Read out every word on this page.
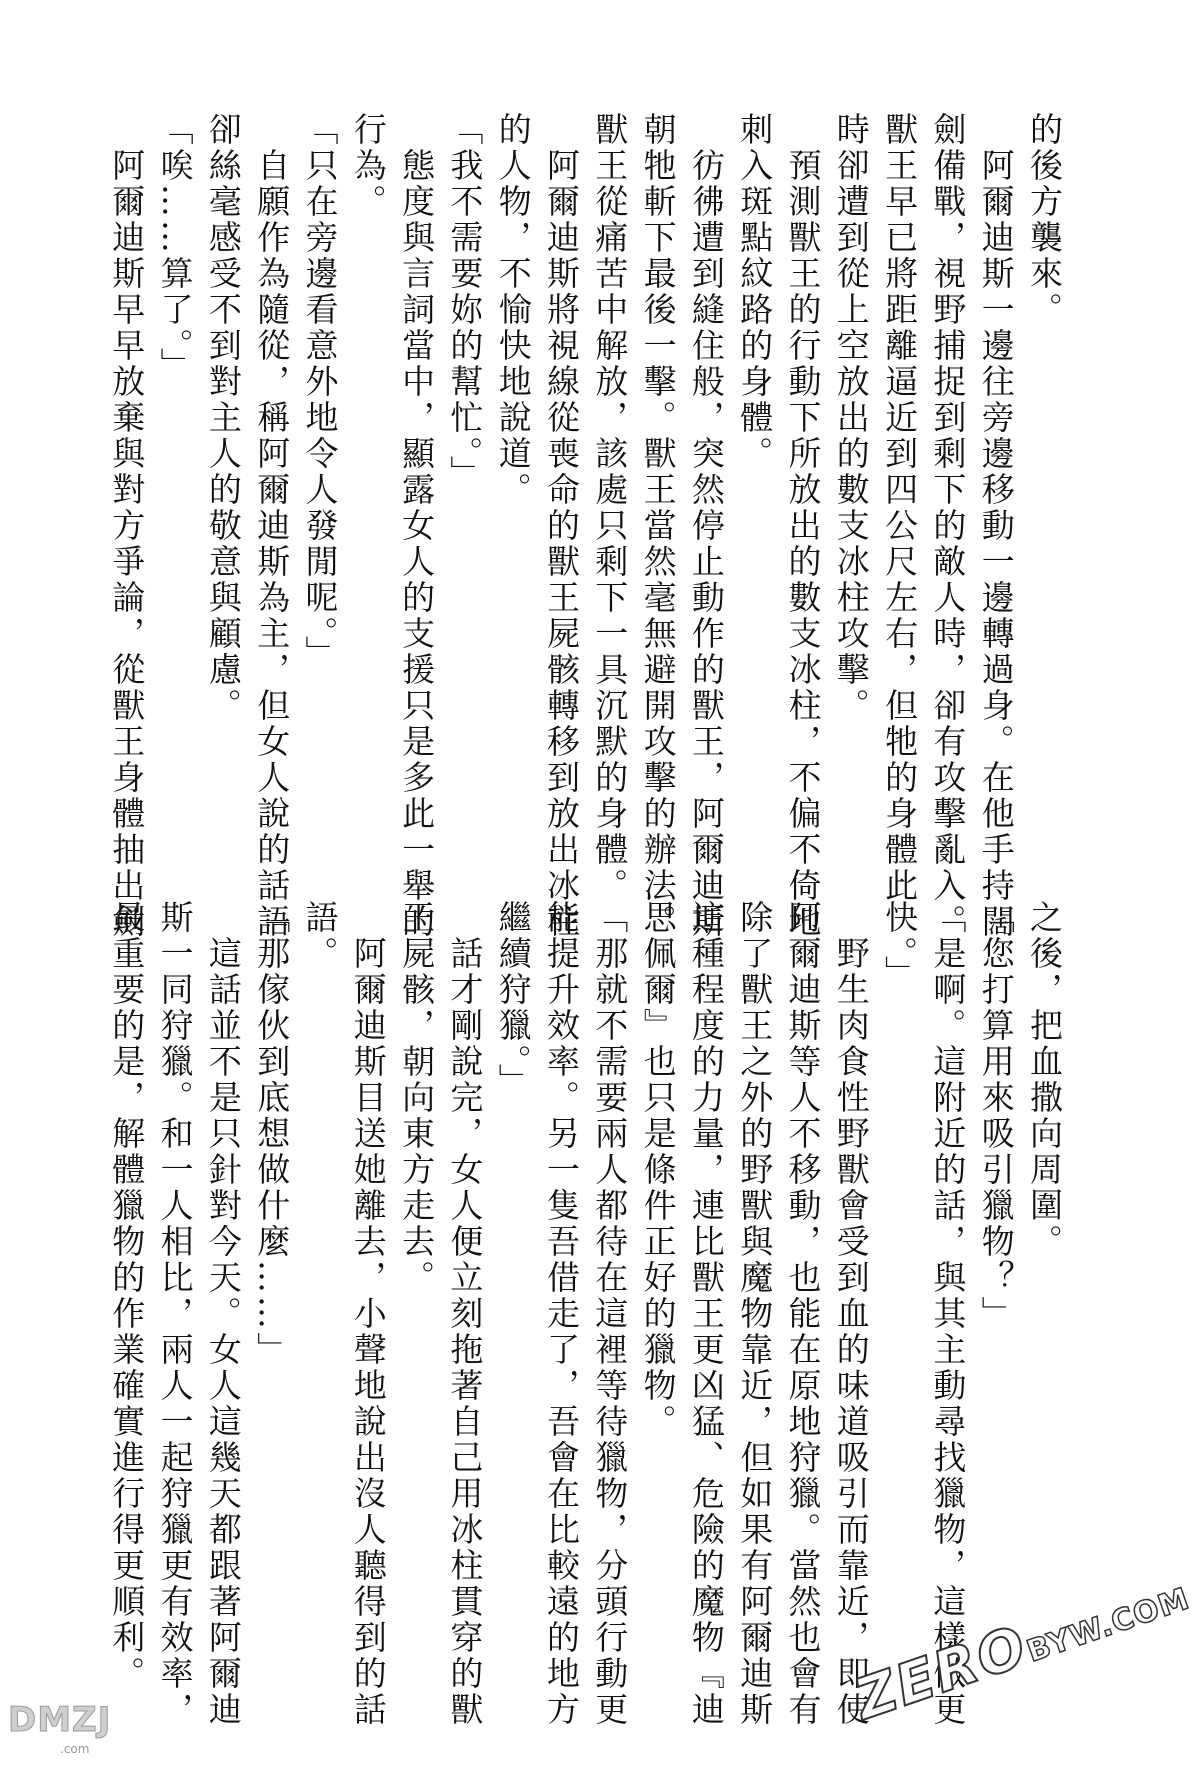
的後方襲來。
　阿爾迪斯一邊往旁邊移動一邊轉過身。在他手持闊
劍備戰，視野捕捉到剩下的敵人時，卻有攻擊亂入。
獸王早已將距離逼近到四公尺左右，但牠的身體此
時卻遭到從上空放出的數支冰柱攻擊。
　預測獸王的行動下所放出的數支冰柱，不偏不倚地
刺入斑點紋路的身體。
　彷彿遭到縫住般，突然停止動作的獸王，阿爾迪斯
朝牠斬下最後一擊。獸王當然毫無避開攻擊的辦法。
獸王從痛苦中解放，該處只剩下一具沉默的身體。
　阿爾迪斯將視線從喪命的獸王屍骸轉移到放出冰柱
的人物，不愉快地說道。
「我不需要妳的幫忙。」
　態度與言詞當中，顯露女人的支援只是多此一舉的
行為。
「只在旁邊看意外地令人發閒呢。」
　自願作為隨從，稱阿爾迪斯為主，但女人說的話語
卻絲毫感受不到對主人的敬意與顧慮。
「唉……算了。」
　阿爾迪斯早早放棄與對方爭論，從獸王身體抽出劍
之後，把血撒向周圍。
「您打算用來吸引獵物？」
「是啊。這附近的話，與其主動尋找獵物，這樣做更
快。」
　野生肉食性野獸會受到血的味道吸引而靠近，即使
阿爾迪斯等人不移動，也能在原地狩獵。當然也會有
除了獸王之外的野獸與魔物靠近，但如果有阿爾迪斯
這種程度的力量，連比獸王更凶猛、危險的魔物『迪
思佩爾』也只是條件正好的獵物。
「那就不需要兩人都待在這裡等待獵物，分頭行動更
能提升效率。另一隻吾借走了，吾會在比較遠的地方
繼續狩獵。」
　話才剛說完，女人便立刻拖著自己用冰柱貫穿的獸
王屍骸，朝向東方走去。
　阿爾迪斯目送她離去，小聲地說出沒人聽得到的話
語。
「那傢伙到底想做什麼……」
　這話並不是只針對今天。女人這幾天都跟著阿爾迪
斯一同狩獵。和一人相比，兩人一起狩獵更有效率，
最重要的是，解體獵物的作業確實進行得更順利。
DMZJ
.com
ZEROBYW.COM
